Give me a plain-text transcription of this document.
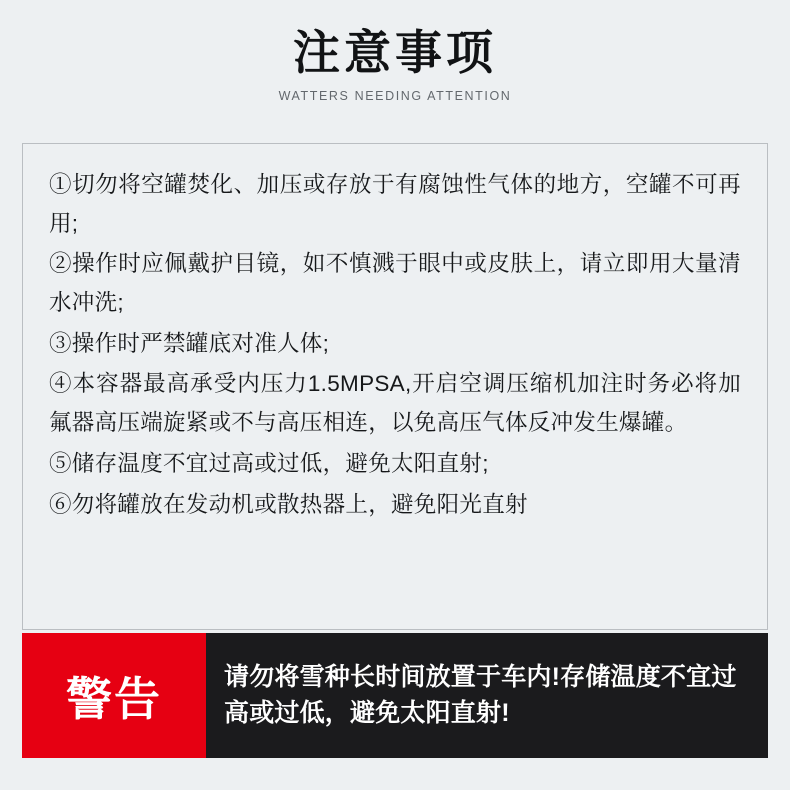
注意事项
WATTERS NEEDING ATTENTION

①切勿将空罐焚化、加压或存放于有腐蚀性气体的地方，空罐不可再用;

②操作时应佩戴护目镜，如不慎溅于眼中或皮肤上，请立即用大量清水冲洗;

③操作时严禁罐底对准人体;

④本容器最高承受内压力1.5MPSA,开启空调压缩机加注时务必将加氟器高压端旋紧或不与高压相连，以免高压气体反冲发生爆罐。

⑤储存温度不宜过高或过低，避免太阳直射;

⑥勿将罐放在发动机或散热器上，避免阳光直射

警告	请勿将雪种长时间放置于车内!存储温度不宜过高或过低，避免太阳直射!
